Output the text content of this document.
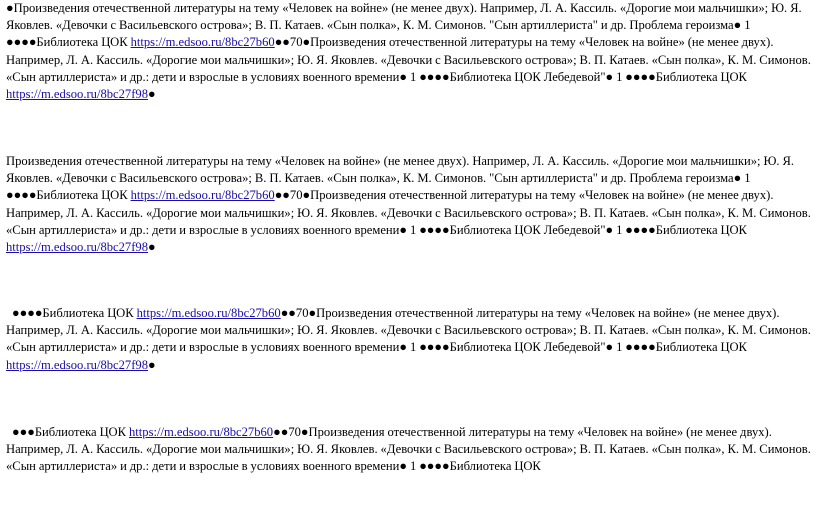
●Произведения отечественной литературы на тему «Человек на войне» (не менее двух). Например, Л. А. Кассиль. «Дорогие мои мальчишки»; Ю. Я. Яковлев. «Девочки с Васильевского острова»; В. П. Катаев. «Сын полка», К. М. Симонов. "Сын артиллериста" и др. Проблема героизма● 1 ●●●●Библиотека ЦОК https://m.edsoo.ru/8bc27b60●●70●Произведения отечественной литературы на тему «Человек на войне» (не менее двух). Например, Л. А. Кассиль. «Дорогие мои мальчишки»; Ю. Я. Яковлев. «Девочки с Васильевского острова»; В. П. Катаев. «Сын полка», К. М. Симонов. «Сын артиллериста» и др.: дети и взрослые в условиях военного времени● 1 ●●●●Библиотека ЦОК Лебедевой"● 1 ●●●●Библиотека ЦОК https://m.edsoo.ru/8bc27f98●

Произведения отечественной литературы на тему «Человек на войне» (не менее двух). Например, Л. А. Кассиль. «Дорогие мои мальчишки»; Ю. Я. Яковлев. «Девочки с Васильевского острова»; В. П. Катаев. «Сын полка», К. М. Симонов. "Сын артиллериста" и др. Проблема героизма● 1 ●●●●Библиотека ЦОК https://m.edsoo.ru/8bc27b60●●70●Произведения отечественной литературы на тему «Человек на войне» (не менее двух). Например, Л. А. Кассиль. «Дорогие мои мальчишки»; Ю. Я. Яковлев. «Девочки с Васильевского острова»; В. П. Катаев. «Сын полка», К. М. Симонов. «Сын артиллериста» и др.: дети и взрослые в условиях военного времени● 1 ●●●●Библиотека ЦОК Лебедевой"● 1 ●●●●Библиотека ЦОК https://m.edsoo.ru/8bc27f98●

●●●●Библиотека ЦОК https://m.edsoo.ru/8bc27b60●●70●Произведения отечественной литературы на тему «Человек на войне» (не менее двух). Например, Л. А. Кассиль. «Дорогие мои мальчишки»; Ю. Я. Яковлев. «Девочки с Васильевского острова»; В. П. Катаев. «Сын полка», К. М. Симонов. «Сын артиллериста» и др.: дети и взрослые в условиях военного времени● 1 ●●●●Библиотека ЦОК Лебедевой"● 1 ●●●●Библиотека ЦОК https://m.edsoo.ru/8bc27f98●

●●●Библиотека ЦОК https://m.edsoo.ru/8bc27b60●●70●Произведения отечественной литературы на тему «Человек на войне» (не менее двух). Например, Л. А. Кассиль. «Дорогие мои мальчишки»; Ю. Я. Яковлев. «Девочки с Васильевского острова»; В. П. Катаев. «Сын полка», К. М. Симонов. «Сын артиллериста» и др.: дети и взрослые в условиях военного времени● 1 ●●●●Библиотека ЦОК
